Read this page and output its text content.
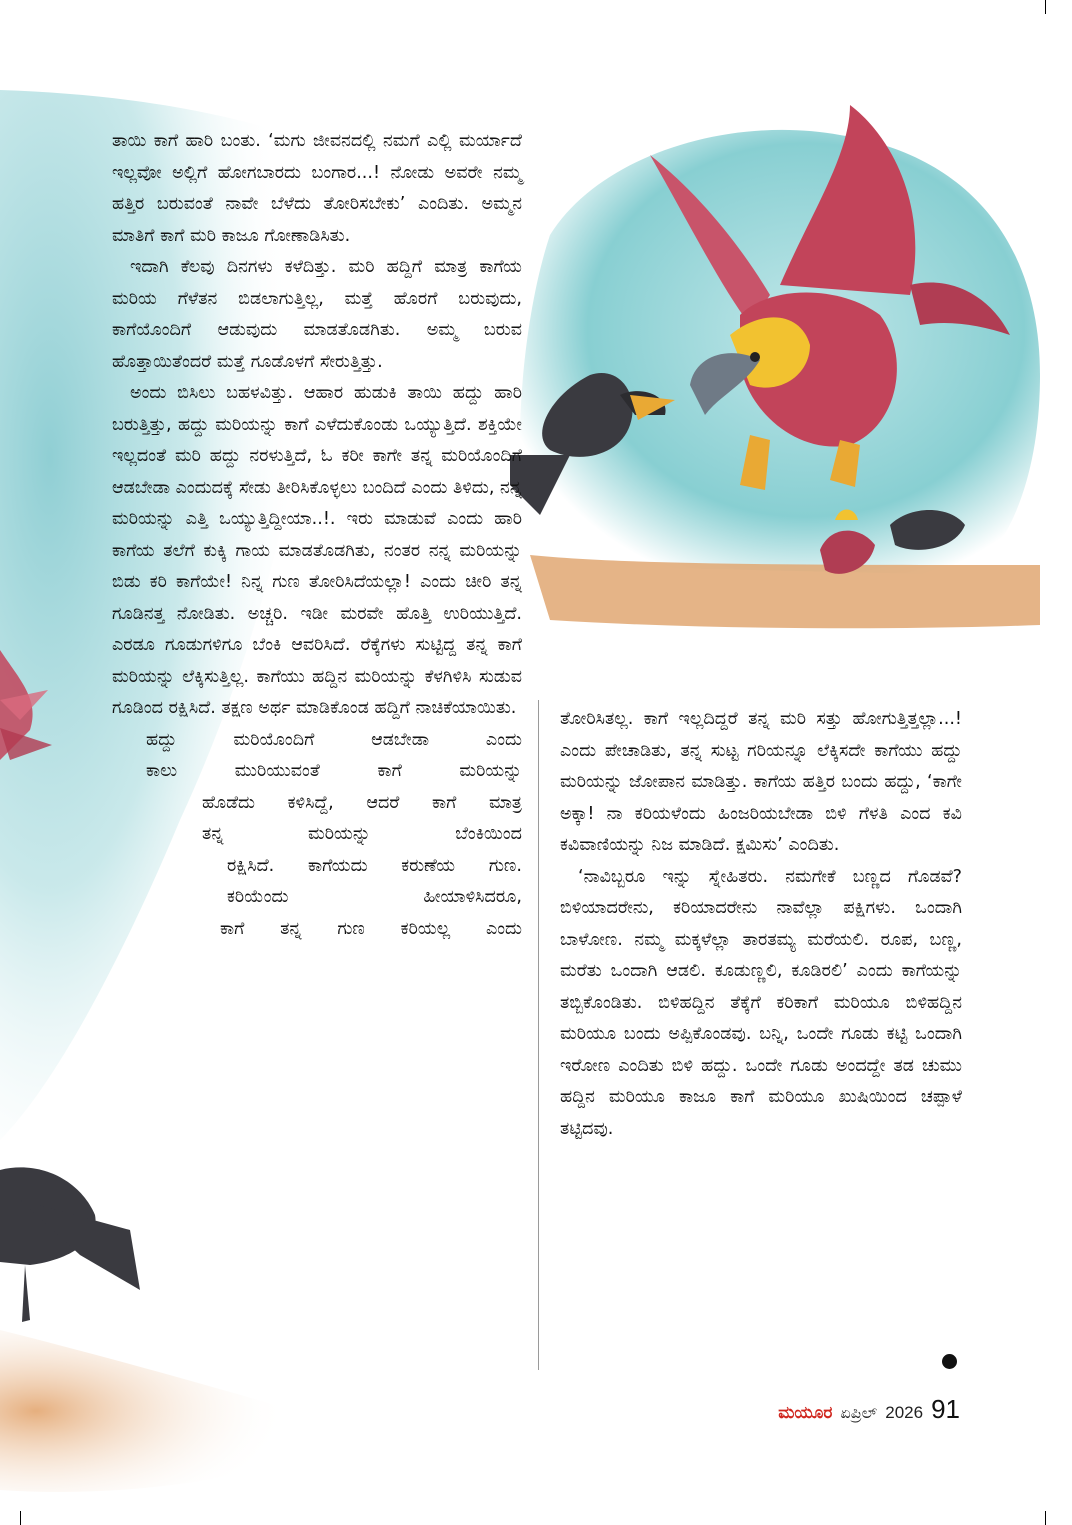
ತಾಯಿ ಕಾಗೆ ಹಾರಿ ಬಂತು. ‘ಮಗು ಜೀವನದಲ್ಲಿ ನಮಗೆ ಎಲ್ಲಿ ಮರ್ಯಾದೆ ಇಲ್ಲವೋ ಅಲ್ಲಿಗೆ ಹೋಗಬಾರದು ಬಂಗಾರ...! ನೋಡು ಅವರೇ ನಮ್ಮ ಹತ್ತಿರ ಬರುವಂತೆ ನಾವೇ ಬೆಳೆದು ತೋರಿಸಬೇಕು’ ಎಂದಿತು. ಅಮ್ಮನ ಮಾತಿಗೆ ಕಾಗೆ ಮರಿ ಕಾಜೂ ಗೋಣಾಡಿಸಿತು.

ಇದಾಗಿ ಕೆಲವು ದಿನಗಳು ಕಳೆದಿತ್ತು. ಮರಿ ಹದ್ದಿಗೆ ಮಾತ್ರ ಕಾಗೆಯ ಮರಿಯ ಗೆಳೆತನ ಬಿಡಲಾಗುತ್ತಿಲ್ಲ, ಮತ್ತೆ ಹೊರಗೆ ಬರುವುದು, ಕಾಗೆಯೊಂದಿಗೆ ಆಡುವುದು ಮಾಡತೊಡಗಿತು. ಅಮ್ಮ ಬರುವ ಹೊತ್ತಾಯಿತೆಂದರೆ ಮತ್ತೆ ಗೂಡೊಳಗೆ ಸೇರುತ್ತಿತ್ತು.

ಅಂದು ಬಿಸಿಲು ಬಹಳವಿತ್ತು. ಆಹಾರ ಹುಡುಕಿ ತಾಯಿ ಹದ್ದು ಹಾರಿ ಬರುತ್ತಿತ್ತು, ಹದ್ದು ಮರಿಯನ್ನು ಕಾಗೆ ಎಳೆದುಕೊಂಡು ಒಯ್ಯುತ್ತಿದೆ. ಶಕ್ತಿಯೇ ಇಲ್ಲದಂತೆ ಮರಿ ಹದ್ದು ನರಳುತ್ತಿದೆ, ಓ ಕರೀ ಕಾಗೇ ತನ್ನ ಮರಿಯೊಂದಿಗೆ ಆಡಬೇಡಾ ಎಂದುದಕ್ಕೆ ಸೇಡು ತೀರಿಸಿಕೊಳ್ಳಲು ಬಂದಿದೆ ಎಂದು ತಿಳಿದು, ನನ್ನ ಮರಿಯನ್ನು ಎತ್ತಿ ಒಯ್ಯುತ್ತಿದ್ದೀಯಾ..!. ಇರು ಮಾಡುವೆ ಎಂದು ಹಾರಿ ಕಾಗೆಯ ತಲೆಗೆ ಕುಕ್ಕಿ ಗಾಯ ಮಾಡತೊಡಗಿತು, ನಂತರ ನನ್ನ ಮರಿಯನ್ನು ಬಿಡು ಕರಿ ಕಾಗೆಯೇ! ನಿನ್ನ ಗುಣ ತೋರಿಸಿದೆಯಲ್ಲಾ! ಎಂದು ಚೀರಿ ತನ್ನ ಗೂಡಿನತ್ತ ನೋಡಿತು. ಅಚ್ಚರಿ. ಇಡೀ ಮರವೇ ಹೊತ್ತಿ ಉರಿಯುತ್ತಿದೆ. ಎರಡೂ ಗೂಡುಗಳಿಗೂ ಬೆಂಕಿ ಆವರಿಸಿದೆ. ರೆಕ್ಕೆಗಳು ಸುಟ್ಟಿದ್ದ ತನ್ನ ಕಾಗೆ ಮರಿಯನ್ನು ಲೆಕ್ಕಿಸುತ್ತಿಲ್ಲ. ಕಾಗೆಯು ಹದ್ದಿನ ಮರಿಯನ್ನು ಕೆಳಗಿಳಿಸಿ ಸುಡುವ ಗೂಡಿಂದ ರಕ್ಷಿಸಿದೆ. ತಕ್ಷಣ ಅರ್ಥ ಮಾಡಿಕೊಂಡ ಹದ್ದಿಗೆ ನಾಚಿಕೆಯಾಯಿತು.

ಹದ್ದು ಮರಿಯೊಂದಿಗೆ ಆಡಬೇಡಾ ಎಂದು
ಕಾಲು ಮುರಿಯುವಂತೆ ಕಾಗೆ ಮರಿಯನ್ನು
ಹೊಡೆದು ಕಳಿಸಿದ್ದೆ, ಆದರೆ ಕಾಗೆ ಮಾತ್ರ
ತನ್ನ ಮರಿಯನ್ನು ಬೆಂಕಿಯಿಂದ
ರಕ್ಷಿಸಿದೆ. ಕಾಗೆಯದು ಕರುಣೆಯ ಗುಣ.
ಕರಿಯೆಂದು ಹೀಯಾಳಿಸಿದರೂ,
ಕಾಗೆ ತನ್ನ ಗುಣ ಕರಿಯಲ್ಲ ಎಂದು

ತೋರಿಸಿತಲ್ಲ. ಕಾಗೆ ಇಲ್ಲದಿದ್ದರೆ ತನ್ನ ಮರಿ ಸತ್ತು ಹೋಗುತ್ತಿತ್ತಲ್ಲಾ...! ಎಂದು ಪೇಚಾಡಿತು, ತನ್ನ ಸುಟ್ಟ ಗರಿಯನ್ನೂ ಲೆಕ್ಕಿಸದೇ ಕಾಗೆಯು ಹದ್ದು ಮರಿಯನ್ನು ಜೋಪಾನ ಮಾಡಿತ್ತು. ಕಾಗೆಯ ಹತ್ತಿರ ಬಂದು ಹದ್ದು, ‘ಕಾಗೇ ಅಕ್ಕಾ! ನಾ ಕರಿಯಳೆಂದು ಹಿಂಜರಿಯಬೇಡಾ ಬಿಳಿ ಗೆಳತಿ ಎಂದ ಕವಿ ಕವಿವಾಣಿಯನ್ನು ನಿಜ ಮಾಡಿದೆ. ಕ್ಷಮಿಸು’ ಎಂದಿತು.

‘ನಾವಿಬ್ಬರೂ ಇನ್ನು ಸ್ನೇಹಿತರು. ನಮಗೇಕೆ ಬಣ್ಣದ ಗೊಡವೆ? ಬಿಳಿಯಾದರೇನು, ಕರಿಯಾದರೇನು ನಾವೆಲ್ಲಾ ಪಕ್ಷಿಗಳು. ಒಂದಾಗಿ ಬಾಳೋಣ. ನಮ್ಮ ಮಕ್ಕಳೆಲ್ಲಾ ತಾರತಮ್ಯ ಮರೆಯಲಿ. ರೂಪ, ಬಣ್ಣ, ಮರೆತು ಒಂದಾಗಿ ಆಡಲಿ. ಕೂಡುಣ್ಣಲಿ, ಕೂಡಿರಲಿ’ ಎಂದು ಕಾಗೆಯನ್ನು ತಬ್ಬಿಕೊಂಡಿತು. ಬಿಳಿಹದ್ದಿನ ತೆಕ್ಕೆಗೆ ಕರಿಕಾಗೆ ಮರಿಯೂ ಬಿಳಿಹದ್ದಿನ ಮರಿಯೂ ಬಂದು ಅಪ್ಪಿಕೊಂಡವು. ಬನ್ನಿ, ಒಂದೇ ಗೂಡು ಕಟ್ಟಿ ಒಂದಾಗಿ ಇರೋಣ ಎಂದಿತು ಬಿಳಿ ಹದ್ದು. ಒಂದೇ ಗೂಡು ಅಂದದ್ದೇ ತಡ ಚುಮು ಹದ್ದಿನ ಮರಿಯೂ ಕಾಜೂ ಕಾಗೆ ಮರಿಯೂ ಖುಷಿಯಿಂದ ಚಪ್ಪಾಳೆ ತಟ್ಟಿದವು.

ಮಯೂರ ಏಪ್ರಿಲ್ 2026 91
